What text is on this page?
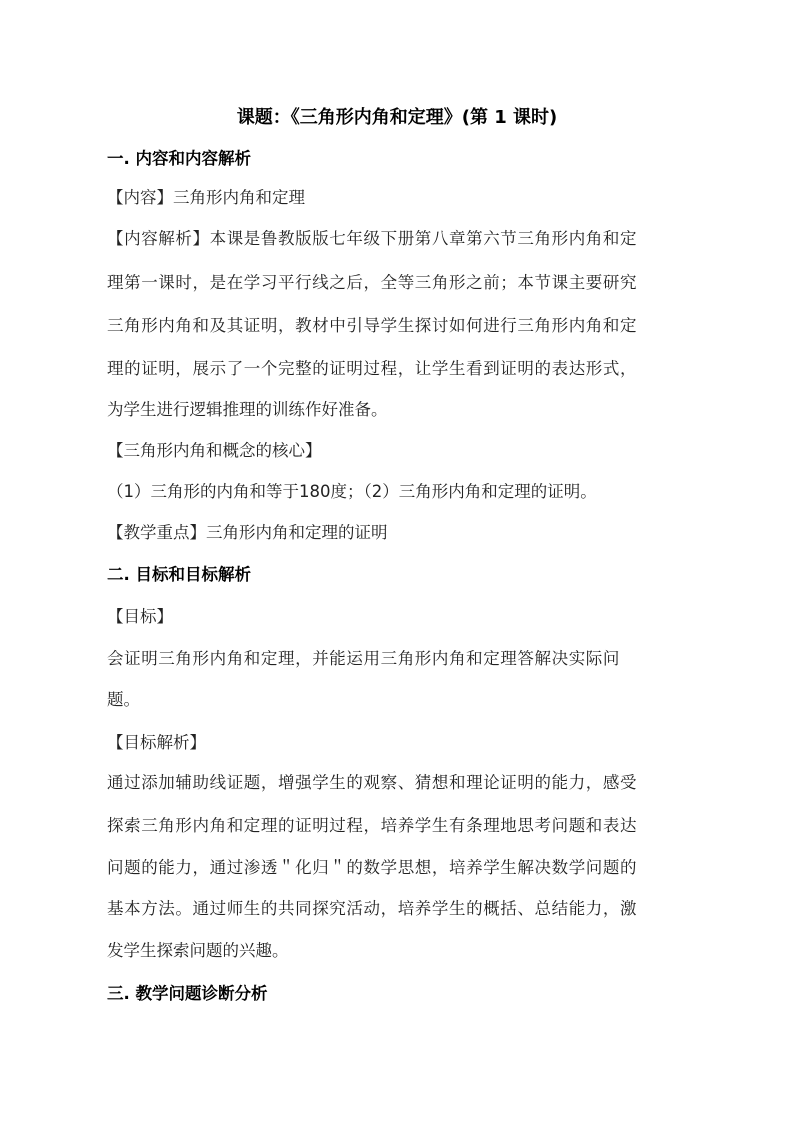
课题：《三角形内角和定理》(第 1 课时)
一. 内容和内容解析
【内容】三角形内角和定理
【内容解析】本课是鲁教版版七年级下册第八章第六节三角形内角和定
理第一课时，是在学习平行线之后，全等三角形之前；本节课主要研究
三角形内角和及其证明，教材中引导学生探讨如何进行三角形内角和定
理的证明，展示了一个完整的证明过程，让学生看到证明的表达形式，
为学生进行逻辑推理的训练作好准备。
【三角形内角和概念的核心】
（1）三角形的内角和等于180度；（2）三角形内角和定理的证明。
【教学重点】三角形内角和定理的证明
二. 目标和目标解析
【目标】
会证明三角形内角和定理，并能运用三角形内角和定理答解决实际问
题。
【目标解析】
通过添加辅助线证题，增强学生的观察、猜想和理论证明的能力，感受
探索三角形内角和定理的证明过程，培养学生有条理地思考问题和表达
问题的能力，通过渗透＂化归＂的数学思想，培养学生解决数学问题的
基本方法。通过师生的共同探究活动，培养学生的概括、总结能力，激
发学生探索问题的兴趣。
三. 教学问题诊断分析
